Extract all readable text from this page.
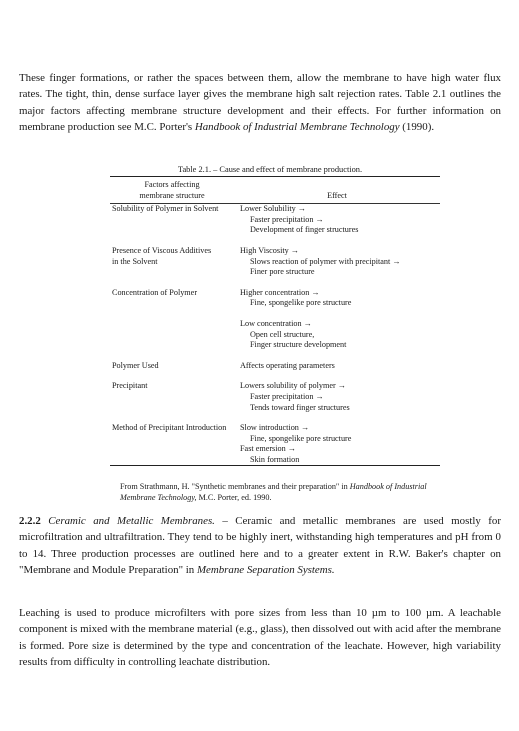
These finger formations, or rather the spaces between them, allow the membrane to have high water flux rates. The tight, thin, dense surface layer gives the membrane high salt rejection rates. Table 2.1 outlines the major factors affecting membrane structure development and their effects. For further information on membrane production see M.C. Porter's Handbook of Industrial Membrane Technology (1990).

Table 2.1. – Cause and effect of membrane production.

Factors affecting
membrane structure	Effect

Solubility of Polymer in Solvent	Lower Solubility →
Faster precipitation →
Development of finger structures

Presence of Viscous Additives
in the Solvent	High Viscosity →
Slows reaction of polymer with precipitant →
Finer pore structure

Concentration of Polymer	Higher concentration →
Fine, spongelike pore structure

	Low concentration →
Open cell structure,
Finger structure development

Polymer Used	Affects operating parameters

Precipitant	Lowers solubility of polymer →
Faster precipitation →
Tends toward finger structures

Method of Precipitant Introduction	Slow introduction →
Fine, spongelike pore structure
Fast emersion →
Skin formation

From Strathmann, H. "Synthetic membranes and their preparation" in Handbook of Industrial Membrane Technology, M.C. Porter, ed. 1990.

2.2.2 Ceramic and Metallic Membranes. – Ceramic and metallic membranes are used mostly for microfiltration and ultrafiltration. They tend to be highly inert, withstanding high temperatures and pH from 0 to 14. Three production processes are outlined here and to a greater extent in R.W. Baker's chapter on "Membrane and Module Preparation" in Membrane Separation Systems.

Leaching is used to produce microfilters with pore sizes from less than 10 µm to 100 µm. A leachable component is mixed with the membrane material (e.g., glass), then dissolved out with acid after the membrane is formed. Pore size is determined by the type and concentration of the leachate. However, high variability results from difficulty in controlling leachate distribution.
